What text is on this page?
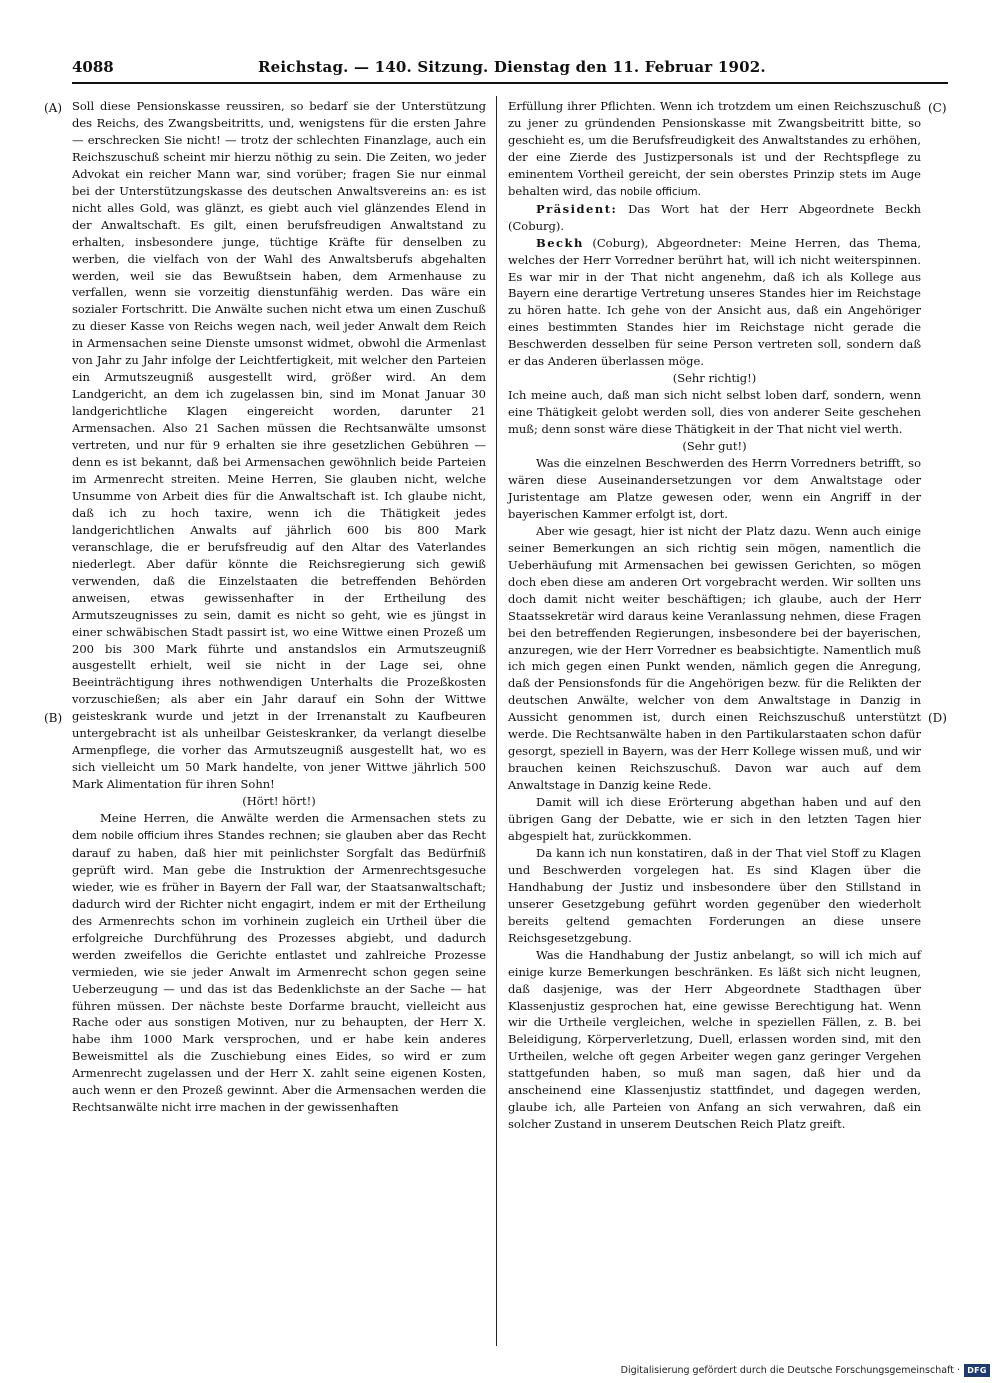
4088	Reichstag. — 140. Sitzung. Dienstag den 11. Februar 1902.
(A)
(B)
(C)
(D)

Soll diese Pensionskasse reussiren, so bedarf sie der Unterstützung des Reichs, des Zwangsbeitritts, und, wenigstens für die ersten Jahre — erschrecken Sie nicht! — trotz der schlechten Finanzlage, auch ein Reichszuschuß scheint mir hierzu nöthig zu sein. Die Zeiten, wo jeder Advokat ein reicher Mann war, sind vorüber; fragen Sie nur einmal bei der Unterstützungskasse des deutschen Anwaltsvereins an: es ist nicht alles Gold, was glänzt, es giebt auch viel glänzendes Elend in der Anwaltschaft. Es gilt, einen berufsfreudigen Anwaltstand zu erhalten, insbesondere junge, tüchtige Kräfte für denselben zu werben, die vielfach von der Wahl des Anwaltsberufs abgehalten werden, weil sie das Bewußtsein haben, dem Armenhause zu verfallen, wenn sie vorzeitig dienstunfähig werden. Das wäre ein sozialer Fortschritt. Die Anwälte suchen nicht etwa um einen Zuschuß zu dieser Kasse von Reichs wegen nach, weil jeder Anwalt dem Reich in Armensachen seine Dienste umsonst widmet, obwohl die Armenlast von Jahr zu Jahr infolge der Leichtfertigkeit, mit welcher den Parteien ein Armutszeugniß ausgestellt wird, größer wird. An dem Landgericht, an dem ich zugelassen bin, sind im Monat Januar 30 landgerichtliche Klagen eingereicht worden, darunter 21 Armensachen. Also 21 Sachen müssen die Rechtsanwälte umsonst vertreten, und nur für 9 erhalten sie ihre gesetzlichen Gebühren — denn es ist bekannt, daß bei Armensachen gewöhnlich beide Parteien im Armenrecht streiten. Meine Herren, Sie glauben nicht, welche Unsumme von Arbeit dies für die Anwaltschaft ist. Ich glaube nicht, daß ich zu hoch taxire, wenn ich die Thätigkeit jedes landgerichtlichen Anwalts auf jährlich 600 bis 800 Mark veranschlage, die er berufsfreudig auf den Altar des Vaterlandes niederlegt. Aber dafür könnte die Reichsregierung sich gewiß verwenden, daß die Einzelstaaten die betreffenden Behörden anweisen, etwas gewissenhafter in der Ertheilung des Armutszeugnisses zu sein, damit es nicht so geht, wie es jüngst in einer schwäbischen Stadt passirt ist, wo eine Wittwe einen Prozeß um 200 bis 300 Mark führte und anstandslos ein Armutszeugniß ausgestellt erhielt, weil sie nicht in der Lage sei, ohne Beeinträchtigung ihres nothwendigen Unterhalts die Prozeßkosten vorzuschießen; als aber ein Jahr darauf ein Sohn der Wittwe geisteskrank wurde und jetzt in der Irrenanstalt zu Kaufbeuren untergebracht ist als unheilbar Geisteskranker, da verlangt dieselbe Armenpflege, die vorher das Armutszeugniß ausgestellt hat, wo es sich vielleicht um 50 Mark handelte, von jener Wittwe jährlich 500 Mark Alimentation für ihren Sohn!

(Hört! hört!)

Meine Herren, die Anwälte werden die Armensachen stets zu dem nobile officium ihres Standes rechnen; sie glauben aber das Recht darauf zu haben, daß hier mit peinlichster Sorgfalt das Bedürfniß geprüft wird. Man gebe die Instruktion der Armenrechtsgesuche wieder, wie es früher in Bayern der Fall war, der Staatsanwaltschaft; dadurch wird der Richter nicht engagirt, indem er mit der Ertheilung des Armenrechts schon im vorhinein zugleich ein Urtheil über die erfolgreiche Durchführung des Prozesses abgiebt, und dadurch werden zweifellos die Gerichte entlastet und zahlreiche Prozesse vermieden, wie sie jeder Anwalt im Armenrecht schon gegen seine Ueberzeugung — und das ist das Bedenklichste an der Sache — hat führen müssen. Der nächste beste Dorfarme braucht, vielleicht aus Rache oder aus sonstigen Motiven, nur zu behaupten, der Herr X. habe ihm 1000 Mark versprochen, und er habe kein anderes Beweismittel als die Zuschiebung eines Eides, so wird er zum Armenrecht zugelassen und der Herr X. zahlt seine eigenen Kosten, auch wenn er den Prozeß gewinnt. Aber die Armensachen werden die Rechtsanwälte nicht irre machen in der gewissenhaften

Erfüllung ihrer Pflichten. Wenn ich trotzdem um einen Reichszuschuß zu jener zu gründenden Pensionskasse mit Zwangsbeitritt bitte, so geschieht es, um die Berufsfreudigkeit des Anwaltstandes zu erhöhen, der eine Zierde des Justizpersonals ist und der Rechtspflege zu eminentem Vortheil gereicht, der sein oberstes Prinzip stets im Auge behalten wird, das nobile officium.

Präsident: Das Wort hat der Herr Abgeordnete Beckh (Coburg).

Beckh (Coburg), Abgeordneter: Meine Herren, das Thema, welches der Herr Vorredner berührt hat, will ich nicht weiterspinnen. Es war mir in der That nicht angenehm, daß ich als Kollege aus Bayern eine derartige Vertretung unseres Standes hier im Reichstage zu hören hatte. Ich gehe von der Ansicht aus, daß ein Angehöriger eines bestimmten Standes hier im Reichstage nicht gerade die Beschwerden desselben für seine Person vertreten soll, sondern daß er das Anderen überlassen möge.

(Sehr richtig!)

Ich meine auch, daß man sich nicht selbst loben darf, sondern, wenn eine Thätigkeit gelobt werden soll, dies von anderer Seite geschehen muß; denn sonst wäre diese Thätigkeit in der That nicht viel werth.

(Sehr gut!)

Was die einzelnen Beschwerden des Herrn Vorredners betrifft, so wären diese Auseinandersetzungen vor dem Anwaltstage oder Juristentage am Platze gewesen oder, wenn ein Angriff in der bayerischen Kammer erfolgt ist, dort.

Aber wie gesagt, hier ist nicht der Platz dazu. Wenn auch einige seiner Bemerkungen an sich richtig sein mögen, namentlich die Ueberhäufung mit Armensachen bei gewissen Gerichten, so mögen doch eben diese am anderen Ort vorgebracht werden. Wir sollten uns doch damit nicht weiter beschäftigen; ich glaube, auch der Herr Staatssekretär wird daraus keine Veranlassung nehmen, diese Fragen bei den betreffenden Regierungen, insbesondere bei der bayerischen, anzuregen, wie der Herr Vorredner es beabsichtigte. Namentlich muß ich mich gegen einen Punkt wenden, nämlich gegen die Anregung, daß der Pensionsfonds für die Angehörigen bezw. für die Relikten der deutschen Anwälte, welcher von dem Anwaltstage in Danzig in Aussicht genommen ist, durch einen Reichszuschuß unterstützt werde. Die Rechtsanwälte haben in den Partikularstaaten schon dafür gesorgt, speziell in Bayern, was der Herr Kollege wissen muß, und wir brauchen keinen Reichszuschuß. Davon war auch auf dem Anwaltstage in Danzig keine Rede.

Damit will ich diese Erörterung abgethan haben und auf den übrigen Gang der Debatte, wie er sich in den letzten Tagen hier abgespielt hat, zurückkommen.

Da kann ich nun konstatiren, daß in der That viel Stoff zu Klagen und Beschwerden vorgelegen hat. Es sind Klagen über die Handhabung der Justiz und insbesondere über den Stillstand in unserer Gesetzgebung geführt worden gegenüber den wiederholt bereits geltend gemachten Forderungen an diese unsere Reichsgesetzgebung.

Was die Handhabung der Justiz anbelangt, so will ich mich auf einige kurze Bemerkungen beschränken. Es läßt sich nicht leugnen, daß dasjenige, was der Herr Abgeordnete Stadthagen über Klassenjustiz gesprochen hat, eine gewisse Berechtigung hat. Wenn wir die Urtheile vergleichen, welche in speziellen Fällen, z. B. bei Beleidigung, Körperverletzung, Duell, erlassen worden sind, mit den Urtheilen, welche oft gegen Arbeiter wegen ganz geringer Vergehen stattgefunden haben, so muß man sagen, daß hier und da anscheinend eine Klassenjustiz stattfindet, und dagegen werden, glaube ich, alle Parteien von Anfang an sich verwahren, daß ein solcher Zustand in unserem Deutschen Reich Platz greift.

Digitalisierung gefördert durch die Deutsche Forschungsgemeinschaft · DFG
